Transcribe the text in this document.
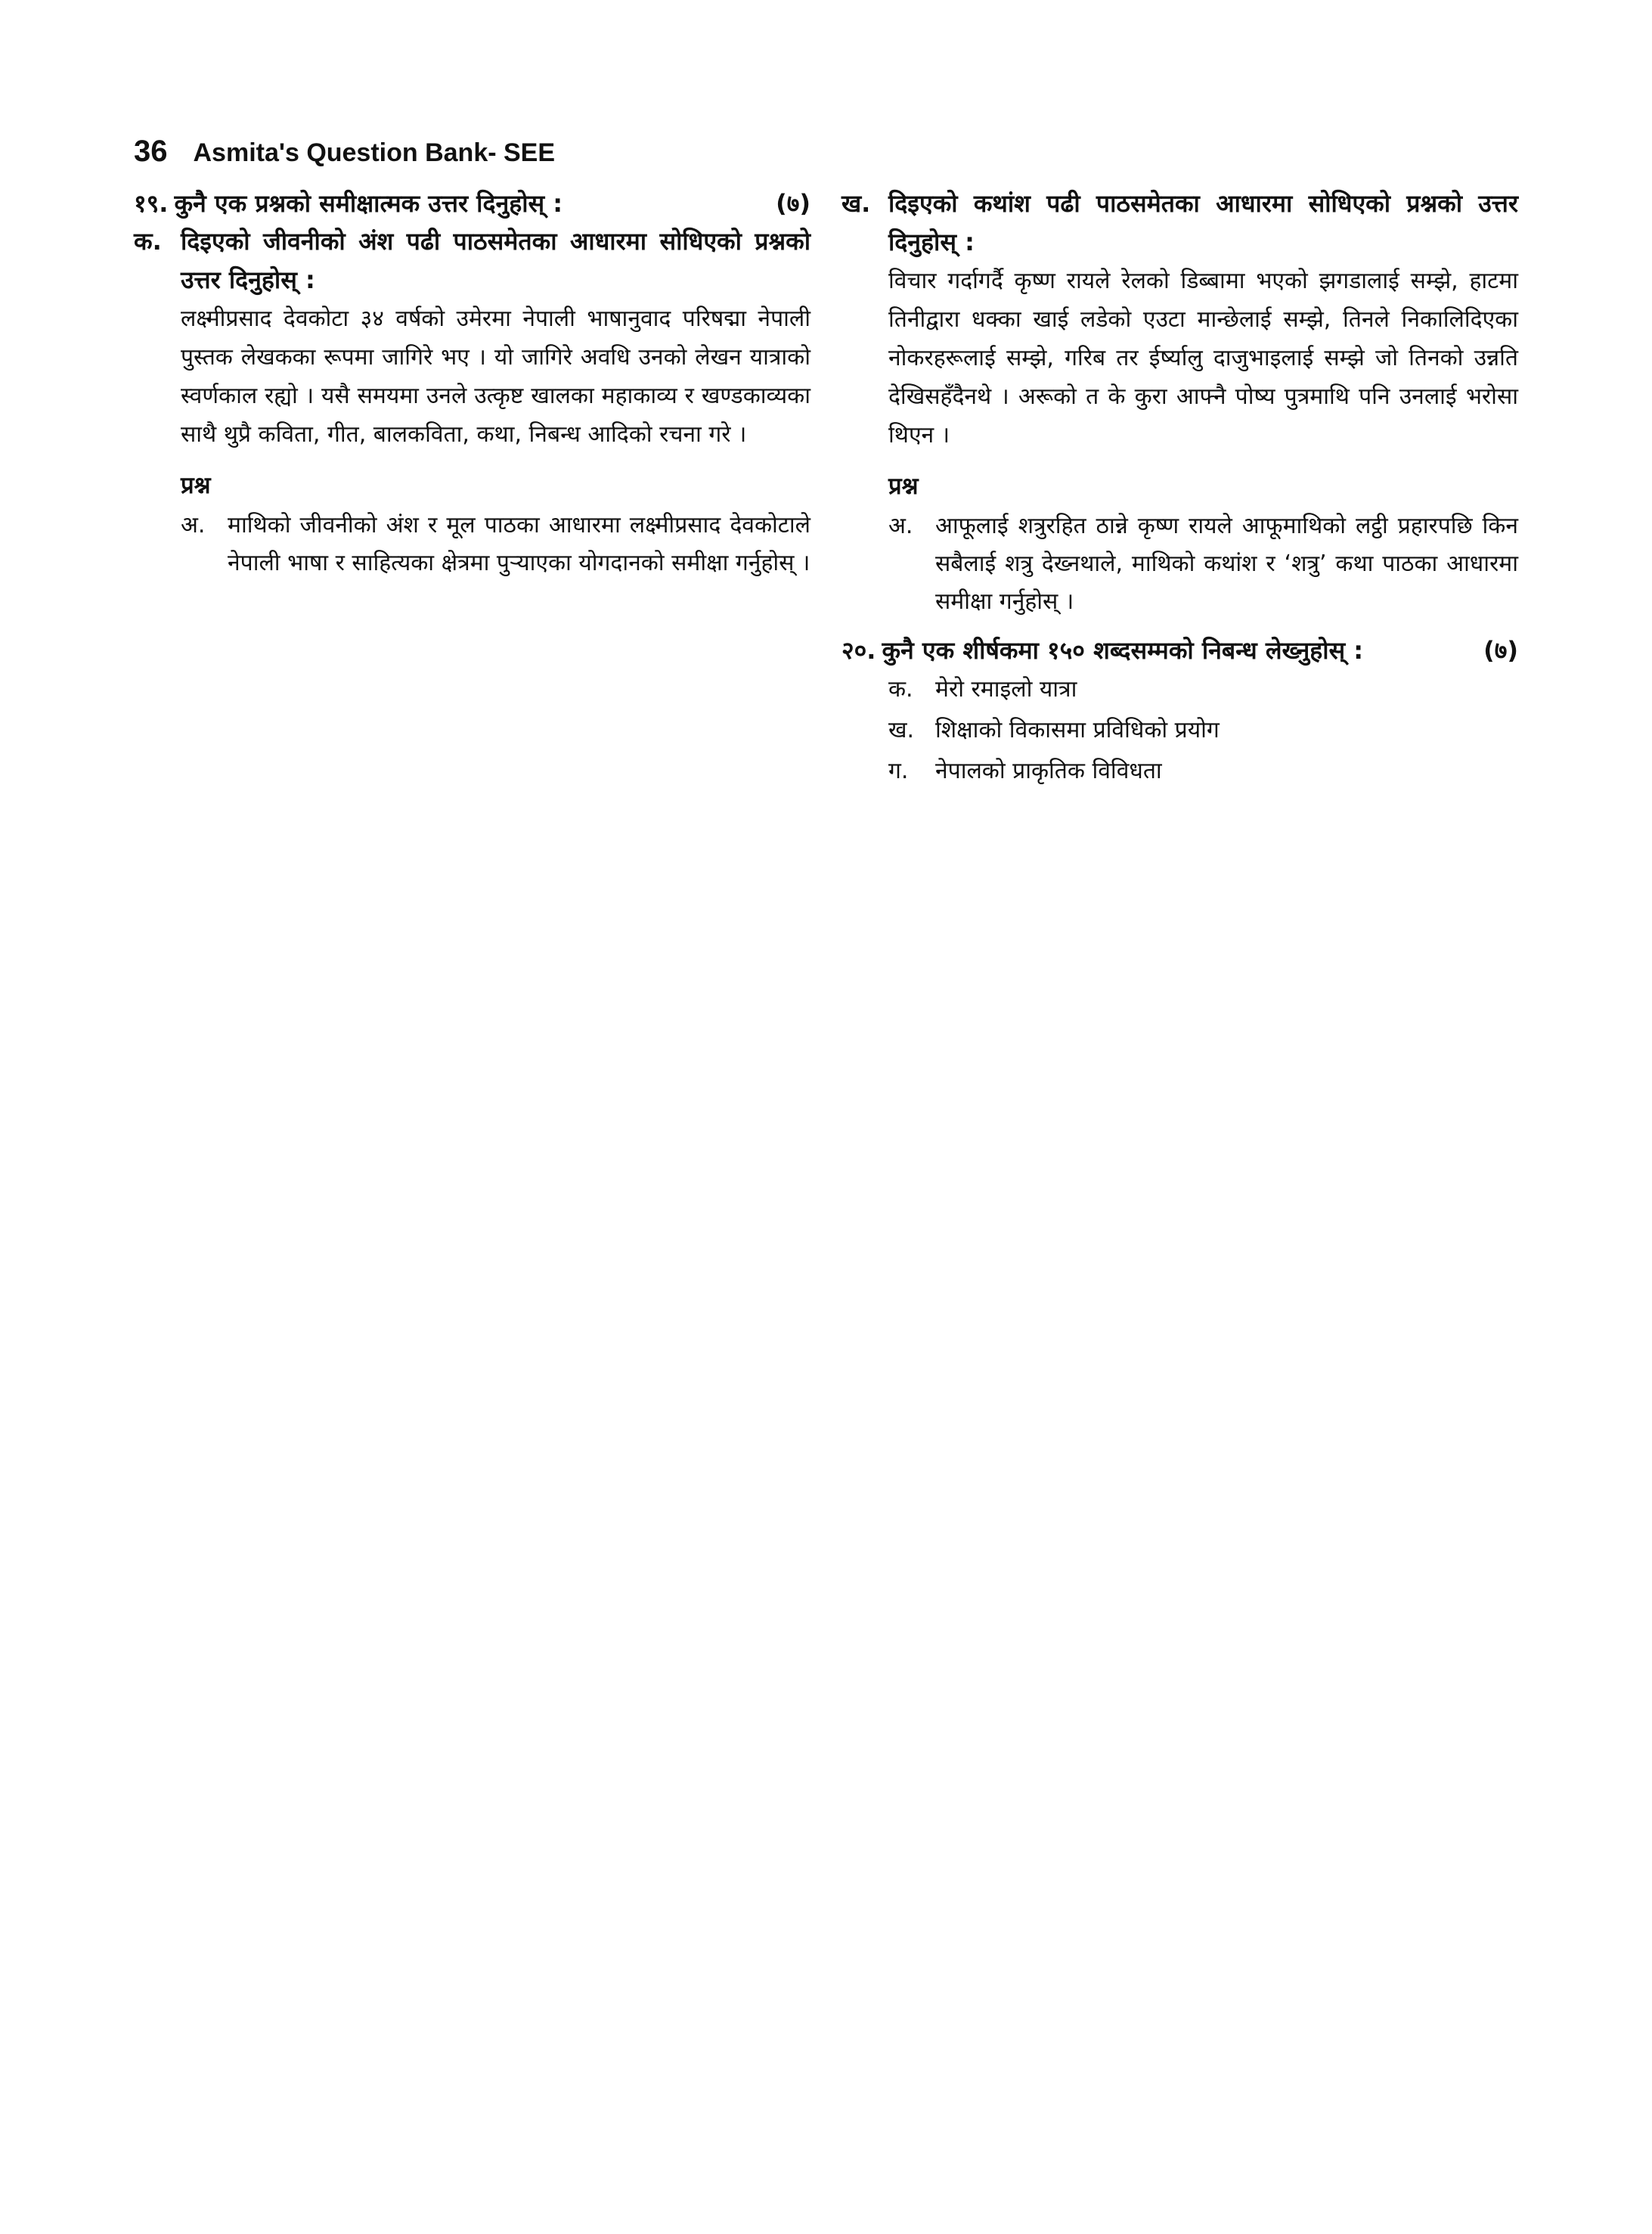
36 Asmita's Question Bank- SEE
१९. कुनै एक प्रश्नको समीक्षात्मक उत्तर दिनुहोस् :	(७)
क. दिइएको जीवनीको अंश पढी पाठसमेतका आधारमा सोधिएको प्रश्नको उत्तर दिनुहोस् :
लक्ष्मीप्रसाद देवकोटा ३४ वर्षको उमेरमा नेपाली भाषानुवाद परिषद्मा नेपाली पुस्तक लेखकका रूपमा जागिरे भए । यो जागिरे अवधि उनको लेखन यात्राको स्वर्णकाल रह्यो । यसै समयमा उनले उत्कृष्ट खालका महाकाव्य र खण्डकाव्यका साथै थुप्रै कविता, गीत, बालकविता, कथा, निबन्ध आदिको रचना गरे ।
प्रश्न
अ. माथिको जीवनीको अंश र मूल पाठका आधारमा लक्ष्मीप्रसाद देवकोटाले नेपाली भाषा र साहित्यका क्षेत्रमा पुऱ्याएका योगदानको समीक्षा गर्नुहोस् ।
ख. दिइएको कथांश पढी पाठसमेतका आधारमा सोधिएको प्रश्नको उत्तर दिनुहोस् :
विचार गर्दागर्दै कृष्ण रायले रेलको डिब्बामा भएको झगडालाई सम्झे, हाटमा तिनीद्वारा धक्का खाई लडेको एउटा मान्छेलाई सम्झे, तिनले निकालिदिएका नोकरहरूलाई सम्झे, गरिब तर ईर्ष्यालु दाजुभाइलाई सम्झे जो तिनको उन्नति देखिसहँदैनथे । अरूको त के कुरा आफ्नै पोष्य पुत्रमाथि पनि उनलाई भरोसा थिएन ।
प्रश्न
अ. आफूलाई शत्रुरहित ठान्ने कृष्ण रायले आफूमाथिको लट्ठी प्रहारपछि किन सबैलाई शत्रु देख्नथाले, माथिको कथांश र ‘शत्रु’ कथा पाठका आधारमा समीक्षा गर्नुहोस् ।
२०. कुनै एक शीर्षकमा १५० शब्दसम्मको निबन्ध लेख्नुहोस् :	(७)
क. मेरो रमाइलो यात्रा
ख. शिक्षाको विकासमा प्रविधिको प्रयोग
ग.	नेपालको प्राकृतिक विविधता
